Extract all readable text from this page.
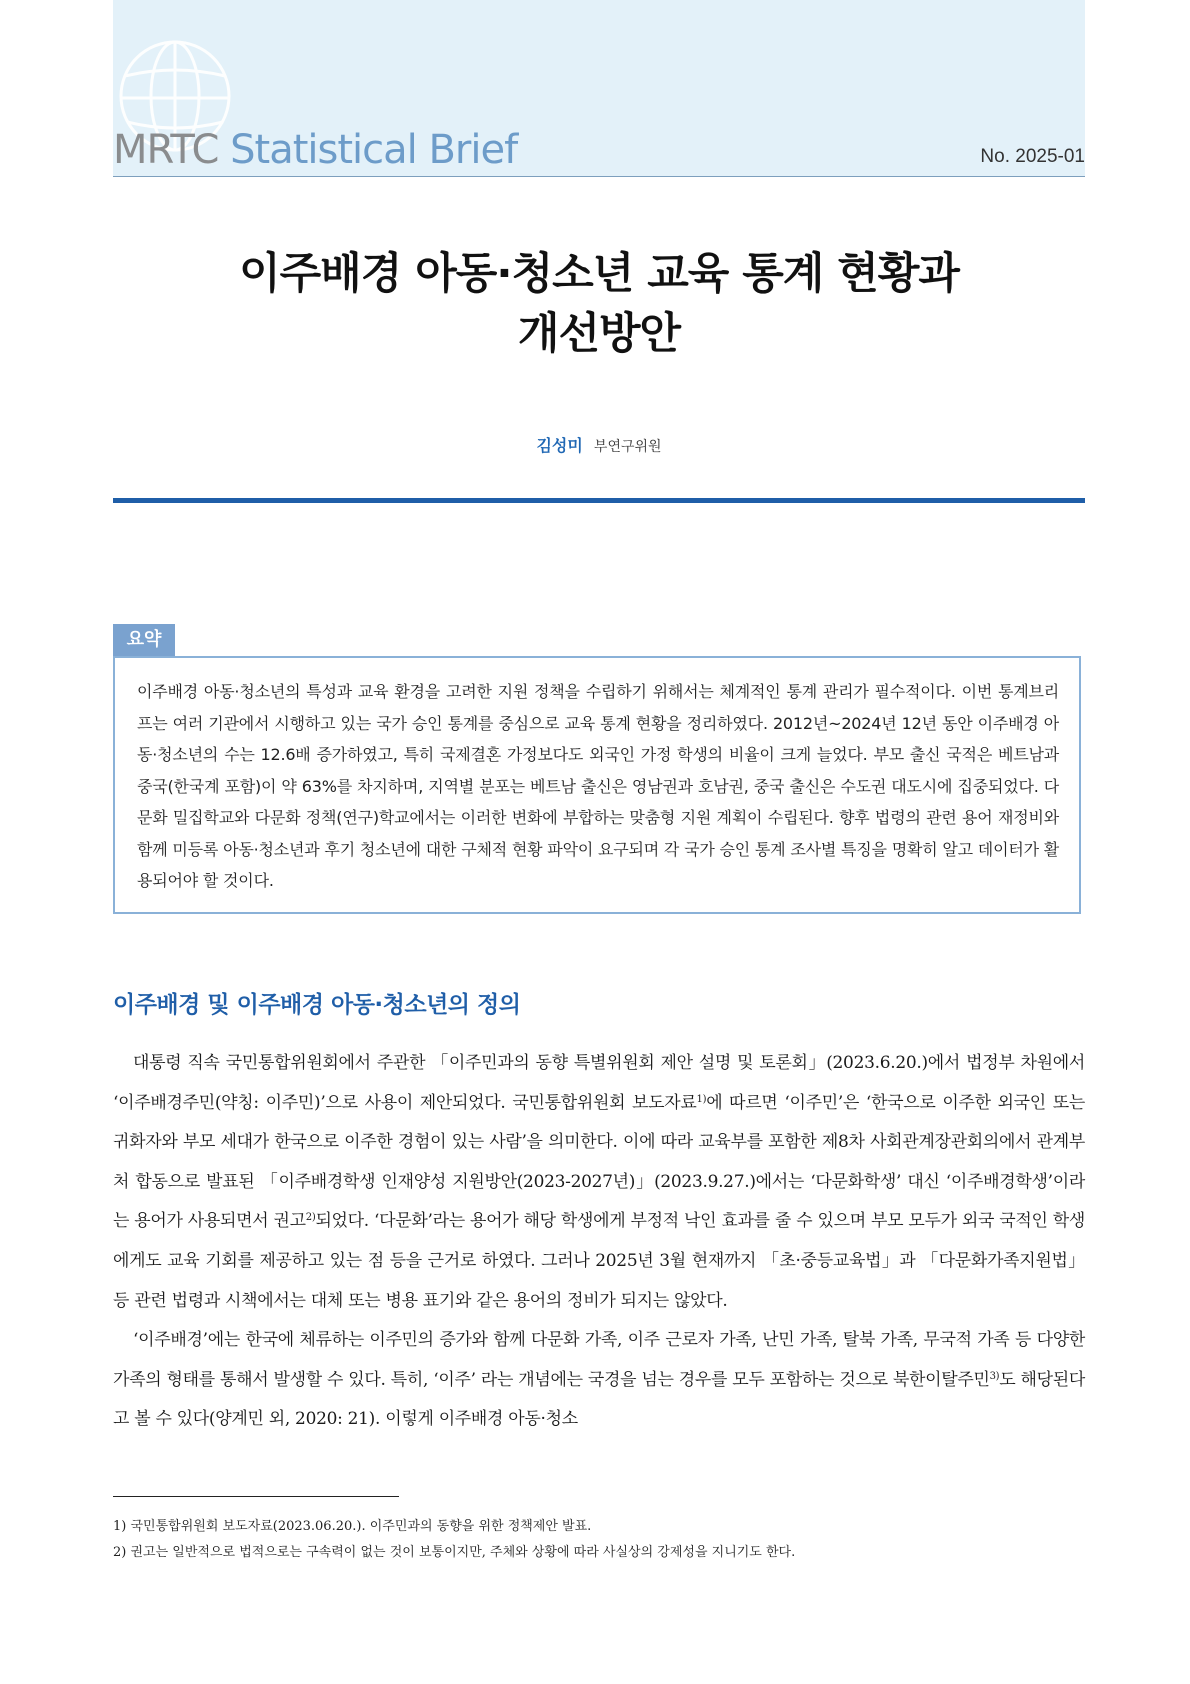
MRTC Statistical Brief	No. 2025-01
이주배경 아동·청소년 교육 통계 현황과
개선방안
김성미 부연구위원
요약

이주배경 아동·청소년의 특성과 교육 환경을 고려한 지원 정책을 수립하기 위해서는 체계적인 통계 관리가 필수적이다. 이번 통계브리프는 여러 기관에서 시행하고 있는 국가 승인 통계를 중심으로 교육 통계 현황을 정리하였다. 2012년~2024년 12년 동안 이주배경 아동·청소년의 수는 12.6배 증가하였고, 특히 국제결혼 가정보다도 외국인 가정 학생의 비율이 크게 늘었다. 부모 출신 국적은 베트남과 중국(한국계 포함)이 약 63%를 차지하며, 지역별 분포는 베트남 출신은 영남권과 호남권, 중국 출신은 수도권 대도시에 집중되었다. 다문화 밀집학교와 다문화 정책(연구)학교에서는 이러한 변화에 부합하는 맞춤형 지원 계획이 수립된다. 향후 법령의 관련 용어 재정비와 함께 미등록 아동·청소년과 후기 청소년에 대한 구체적 현황 파악이 요구되며 각 국가 승인 통계 조사별 특징을 명확히 알고 데이터가 활용되어야 할 것이다.

이주배경 및 이주배경 아동·청소년의 정의

대통령 직속 국민통합위원회에서 주관한 「이주민과의 동향 특별위원회 제안 설명 및 토론회」(2023.6.20.)에서 법정부 차원에서 ‘이주배경주민(약칭: 이주민)’으로 사용이 제안되었다. 국민통합위원회 보도자료$^{1)}$에 따르면 ‘이주민’은 ‘한국으로 이주한 외국인 또는 귀화자와 부모 세대가 한국으로 이주한 경험이 있는 사람’을 의미한다. 이에 따라 교육부를 포함한 제8차 사회관계장관회의에서 관계부처 합동으로 발표된 「이주배경학생 인재양성 지원방안(2023-2027년)」(2023.9.27.)에서는 ‘다문화학생’ 대신 ‘이주배경학생’이라는 용어가 사용되면서 권고$^{2)}$되었다. ‘다문화’라는 용어가 해당 학생에게 부정적 낙인 효과를 줄 수 있으며 부모 모두가 외국 국적인 학생에게도 교육 기회를 제공하고 있는 점 등을 근거로 하였다. 그러나 2025년 3월 현재까지 「초·중등교육법」과 「다문화가족지원법」등 관련 법령과 시책에서는 대체 또는 병용 표기와 같은 용어의 정비가 되지는 않았다.

‘이주배경’에는 한국에 체류하는 이주민의 증가와 함께 다문화 가족, 이주 근로자 가족, 난민 가족, 탈북 가족, 무국적 가족 등 다양한 가족의 형태를 통해서 발생할 수 있다. 특히, ‘이주’ 라는 개념에는 국경을 넘는 경우를 모두 포함하는 것으로 북한이탈주민$^{3)}$도 해당된다고 볼 수 있다(양계민 외, 2020: 21). 이렇게 이주배경 아동·청소

1) 국민통합위원회 보도자료(2023.06.20.). 이주민과의 동향을 위한 정책제안 발표.
2) 권고는 일반적으로 법적으로는 구속력이 없는 것이 보통이지만, 주체와 상황에 따라 사실상의 강제성을 지니기도 한다.
